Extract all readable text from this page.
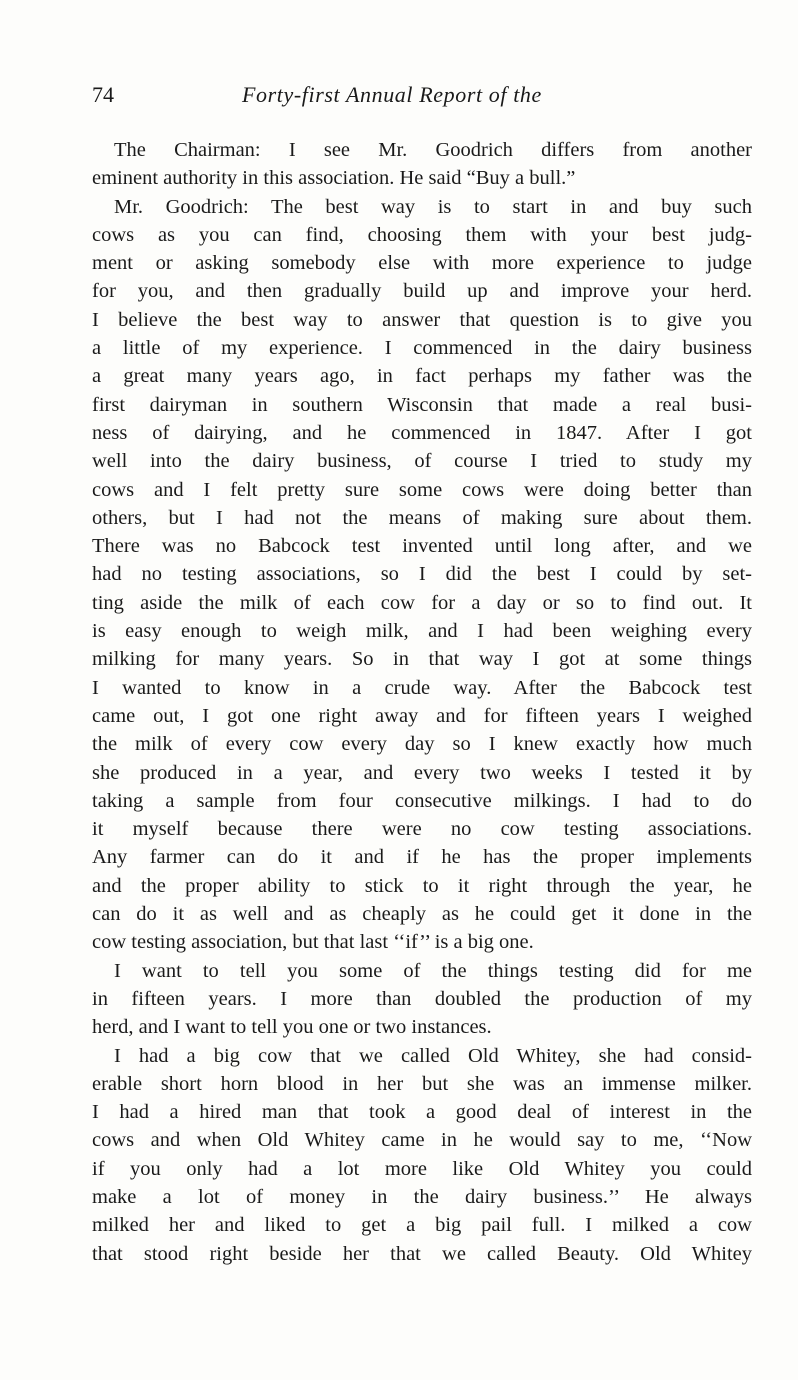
74	Forty-first Annual Report of the
The Chairman: I see Mr. Goodrich differs from another
eminent authority in this association. He said “Buy a bull.”
Mr. Goodrich: The best way is to start in and buy such
cows as you can find, choosing them with your best judg-
ment or asking somebody else with more experience to judge
for you, and then gradually build up and improve your herd.
I believe the best way to answer that question is to give you
a little of my experience. I commenced in the dairy business
a great many years ago, in fact perhaps my father was the
first dairyman in southern Wisconsin that made a real busi-
ness of dairying, and he commenced in 1847. After I got
well into the dairy business, of course I tried to study my
cows and I felt pretty sure some cows were doing better than
others, but I had not the means of making sure about them.
There was no Babcock test invented until long after, and we
had no testing associations, so I did the best I could by set-
ting aside the milk of each cow for a day or so to find out. It
is easy enough to weigh milk, and I had been weighing every
milking for many years. So in that way I got at some things
I wanted to know in a crude way. After the Babcock test
came out, I got one right away and for fifteen years I weighed
the milk of every cow every day so I knew exactly how much
she produced in a year, and every two weeks I tested it by
taking a sample from four consecutive milkings. I had to do
it myself because there were no cow testing associations.
Any farmer can do it and if he has the proper implements
and the proper ability to stick to it right through the year, he
can do it as well and as cheaply as he could get it done in the
cow testing association, but that last ‘‘if’’ is a big one.
I want to tell you some of the things testing did for me
in fifteen years. I more than doubled the production of my
herd, and I want to tell you one or two instances.
I had a big cow that we called Old Whitey, she had consid-
erable short horn blood in her but she was an immense milker.
I had a hired man that took a good deal of interest in the
cows and when Old Whitey came in he would say to me, ‘‘Now
if you only had a lot more like Old Whitey you could
make a lot of money in the dairy business.’’ He always
milked her and liked to get a big pail full. I milked a cow
that stood right beside her that we called Beauty. Old Whitey
